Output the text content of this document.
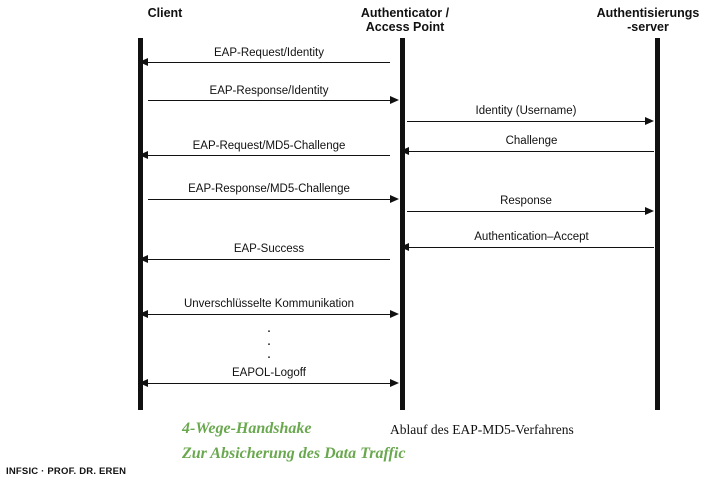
Client	Authenticator /
Access Point
Authentisierungs
-server
EAP-Request/Identity
EAP-Response/Identity
Identity (Username)
Challenge
EAP-Request/MD5-Challenge
EAP-Response/MD5-Challenge
Response
Authentication–Accept
EAP-Success
Unverschlüsselte Kommunikation
·
·
·
EAPOL-Logoff
4-Wege-Handshake
Zur Absicherung des Data Traffic
Ablauf des EAP-MD5-Verfahrens
INFSIC · PROF. DR. EREN
